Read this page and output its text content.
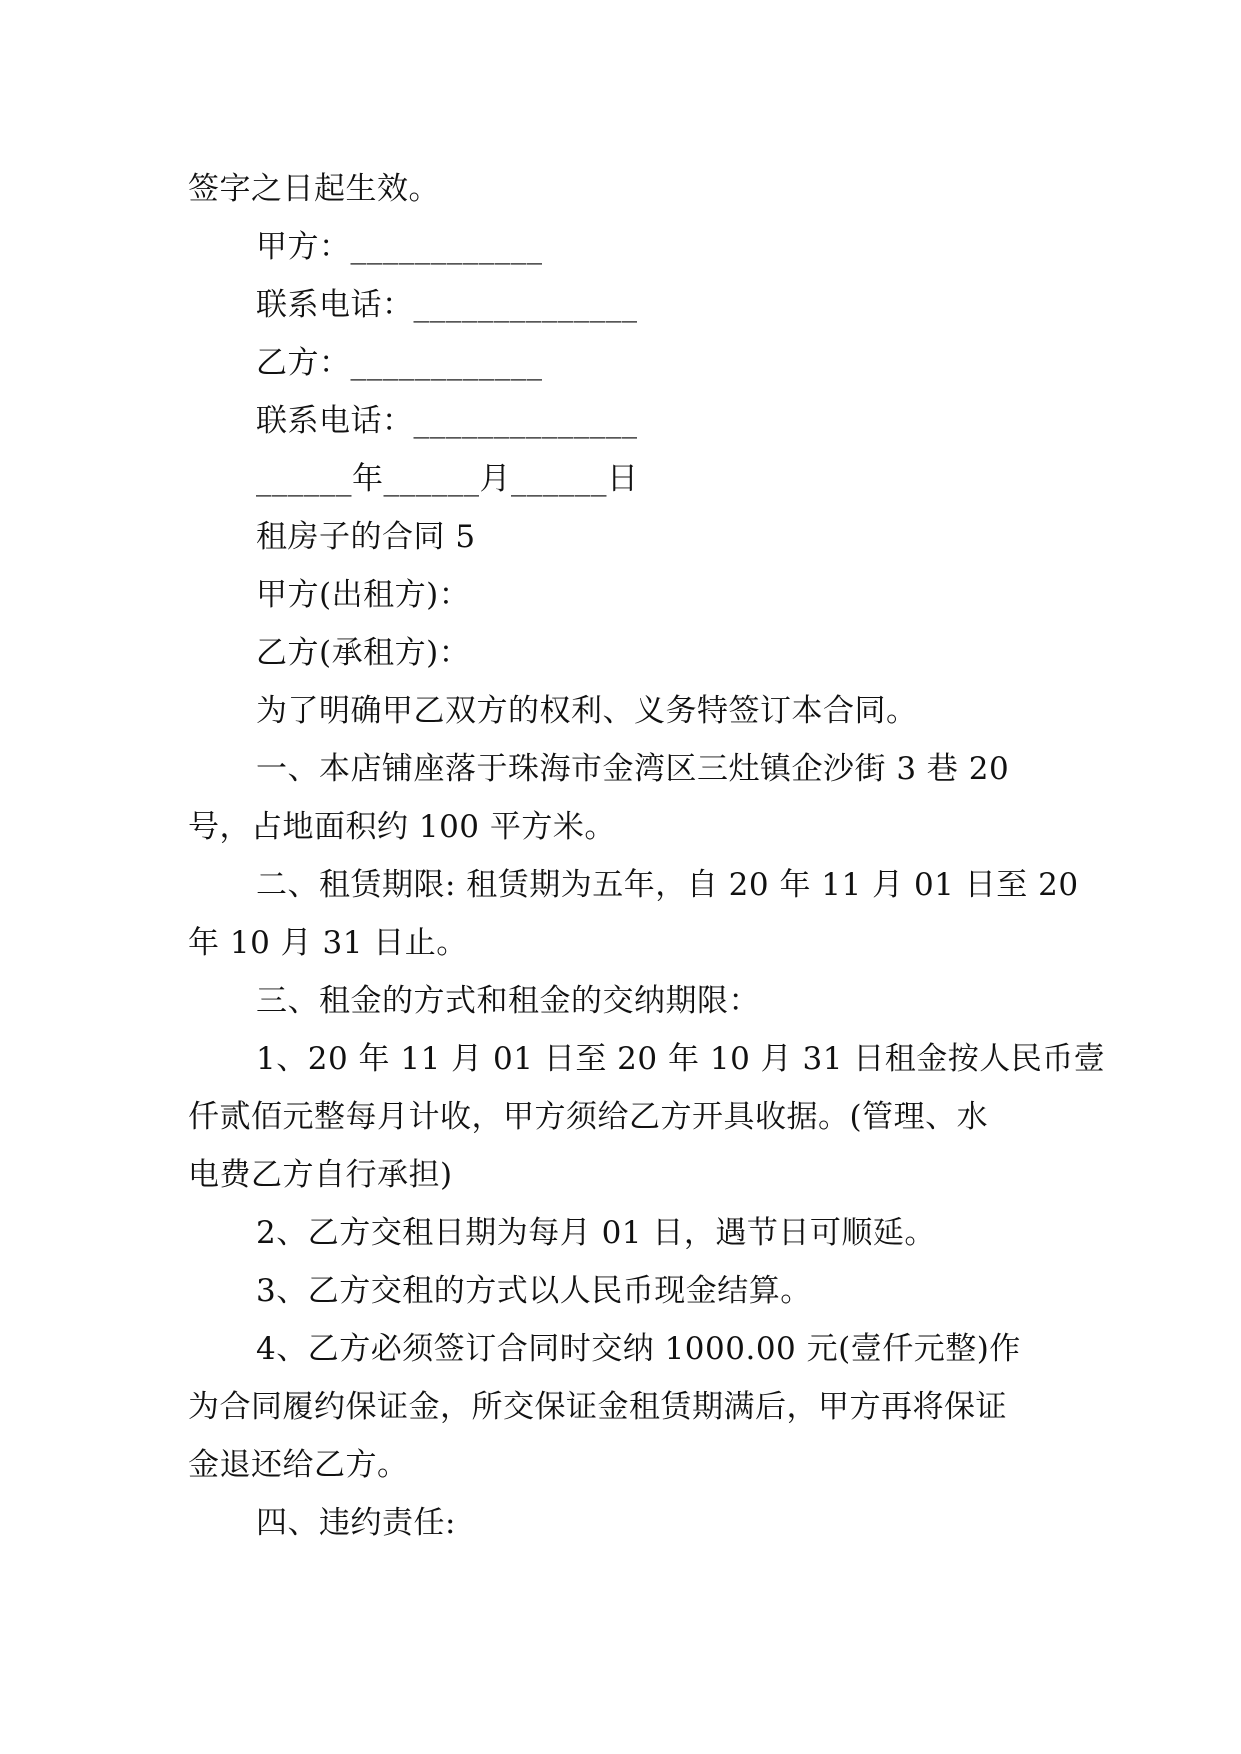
签字之日起生效。
甲方：____________
联系电话：______________
乙方：____________
联系电话：______________
______年______月______日
租房子的合同 5
甲方(出租方)：
乙方(承租方)：
为了明确甲乙双方的权利、义务特签订本合同。
一、本店铺座落于珠海市金湾区三灶镇企沙街 3 巷 20
号，占地面积约 100 平方米。
二、租赁期限: 租赁期为五年，自 20 年 11 月 01 日至 20
年 10 月 31 日止。
三、租金的方式和租金的交纳期限：
1、20 年 11 月 01 日至 20 年 10 月 31 日租金按人民币壹
仟贰佰元整每月计收，甲方须给乙方开具收据。(管理、水
电费乙方自行承担)
2、乙方交租日期为每月 01 日，遇节日可顺延。
3、乙方交租的方式以人民币现金结算。
4、乙方必须签订合同时交纳 1000.00 元(壹仟元整)作
为合同履约保证金，所交保证金租赁期满后，甲方再将保证
金退还给乙方。
四、违约责任:
